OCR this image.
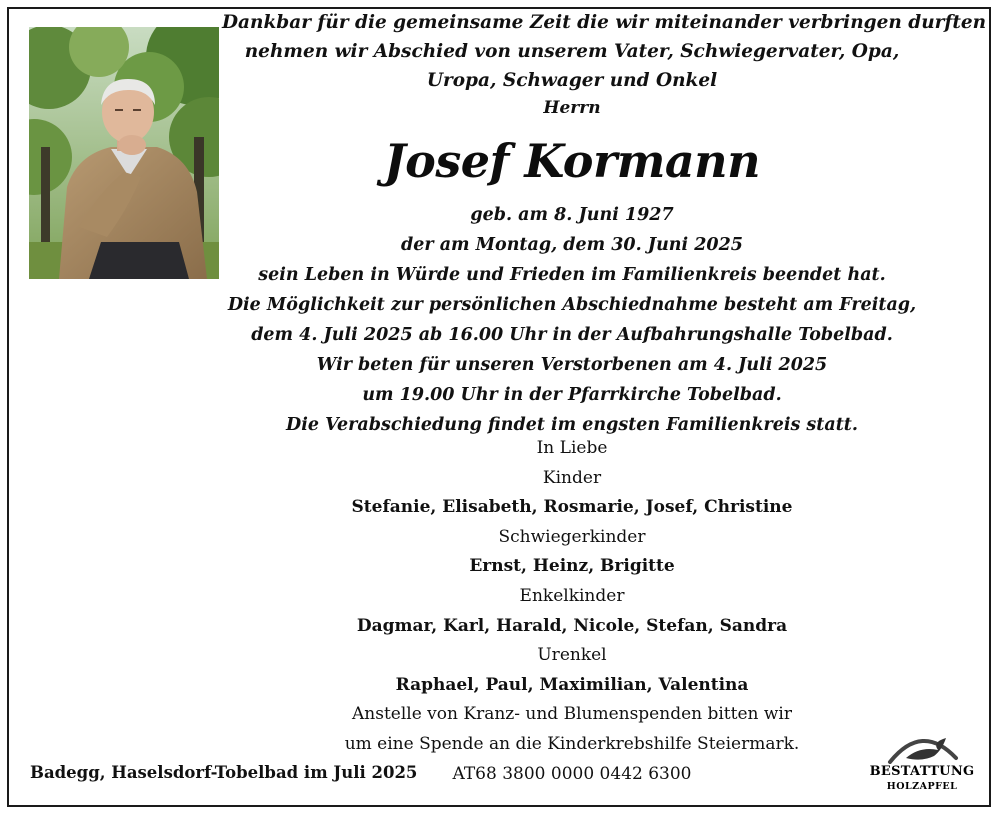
Dankbar für die gemeinsame Zeit die wir miteinander verbringen durften
nehmen wir Abschied von unserem Vater, Schwiegervater, Opa,
Uropa, Schwager und Onkel
Herrn
Josef Kormann
geb. am 8. Juni 1927
der am Montag, dem 30. Juni 2025
sein Leben in Würde und Frieden im Familienkreis beendet hat.
Die Möglichkeit zur persönlichen Abschiednahme besteht am Freitag,
dem 4. Juli 2025 ab 16.00 Uhr in der Aufbahrungshalle Tobelbad.
Wir beten für unseren Verstorbenen am 4. Juli 2025
um 19.00 Uhr in der Pfarrkirche Tobelbad.
Die Verabschiedung findet im engsten Familienkreis statt.
In Liebe
Kinder
Stefanie, Elisabeth, Rosmarie, Josef, Christine
Schwiegerkinder
Ernst, Heinz, Brigitte
Enkelkinder
Dagmar, Karl, Harald, Nicole, Stefan, Sandra
Urenkel
Raphael, Paul, Maximilian, Valentina
Anstelle von Kranz- und Blumenspenden bitten wir
um eine Spende an die Kinderkrebshilfe Steiermark.
AT68 3800 0000 0442 6300
Badegg, Haselsdorf-Tobelbad im Juli 2025	BESTATTUNG
HOLZAPFEL
